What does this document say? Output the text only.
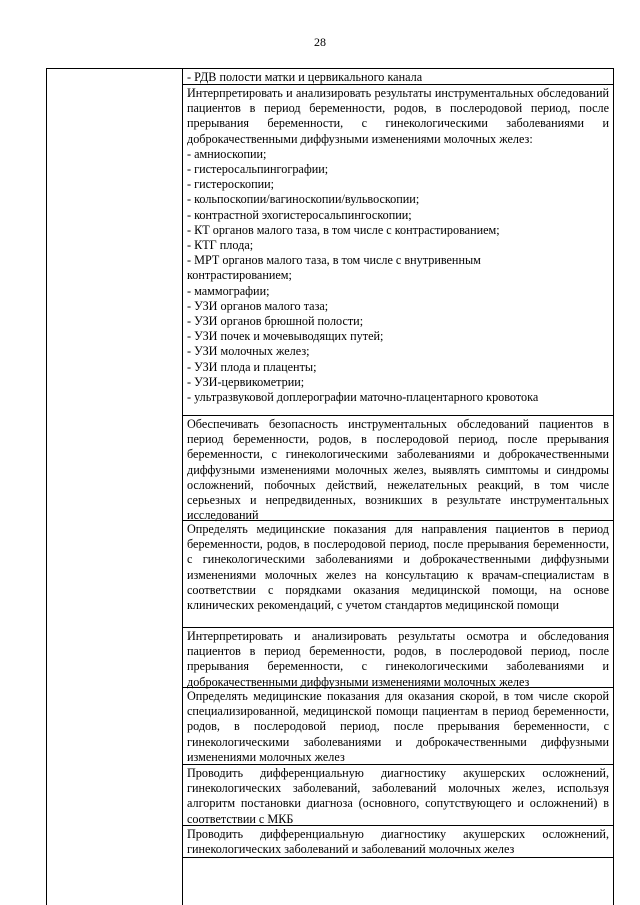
28
- РДВ полости матки и цервикального канала

Интерпретировать и анализировать результаты инструментальных обследований пациентов в период беременности, родов, в послеродовой период, после прерывания беременности, с гинекологическими заболеваниями и доброкачественными диффузными изменениями молочных желез:

- амниоскопии;
- гистеросальпингографии;
- гистероскопии;
- кольпоскопии/вагиноскопии/вульвоскопии;
- контрастной эхогистеросальпингоскопии;
- КТ органов малого таза, в том числе с контрастированием;
- КТГ плода;
- МРТ органов малого таза, в том числе с внутривенным
контрастированием;
- маммографии;
- УЗИ органов малого таза;
- УЗИ органов брюшной полости;
- УЗИ почек и мочевыводящих путей;
- УЗИ молочных желез;
- УЗИ плода и плаценты;
- УЗИ-цервикометрии;
- ультразвуковой доплерографии маточно-плацентарного кровотока

Обеспечивать безопасность инструментальных обследований пациентов в период беременности, родов, в послеродовой период, после прерывания беременности, с гинекологическими заболеваниями и доброкачественными диффузными изменениями молочных желез, выявлять симптомы и синдромы осложнений, побочных действий, нежелательных реакций, в том числе серьезных и непредвиденных, возникших в результате инструментальных исследований

Определять медицинские показания для направления пациентов в период беременности, родов, в послеродовой период, после прерывания беременности, с гинекологическими заболеваниями и доброкачественными диффузными изменениями молочных желез на консультацию к врачам-специалистам в соответствии с порядками оказания медицинской помощи, на основе клинических рекомендаций, с учетом стандартов медицинской помощи

Интерпретировать и анализировать результаты осмотра и обследования пациентов в период беременности, родов, в послеродовой период, после прерывания беременности, с гинекологическими заболеваниями и доброкачественными диффузными изменениями молочных желез

Определять медицинские показания для оказания скорой, в том числе скорой специализированной, медицинской помощи пациентам в период беременности, родов, в послеродовой период, после прерывания беременности, с гинекологическими заболеваниями и доброкачественными диффузными изменениями молочных желез

Проводить дифференциальную диагностику акушерских осложнений, гинекологических заболеваний, заболеваний молочных желез, используя алгоритм постановки диагноза (основного, сопутствующего и осложнений) в соответствии с МКБ

Проводить дифференциальную диагностику акушерских осложнений, гинекологических заболеваний и заболеваний молочных желез
